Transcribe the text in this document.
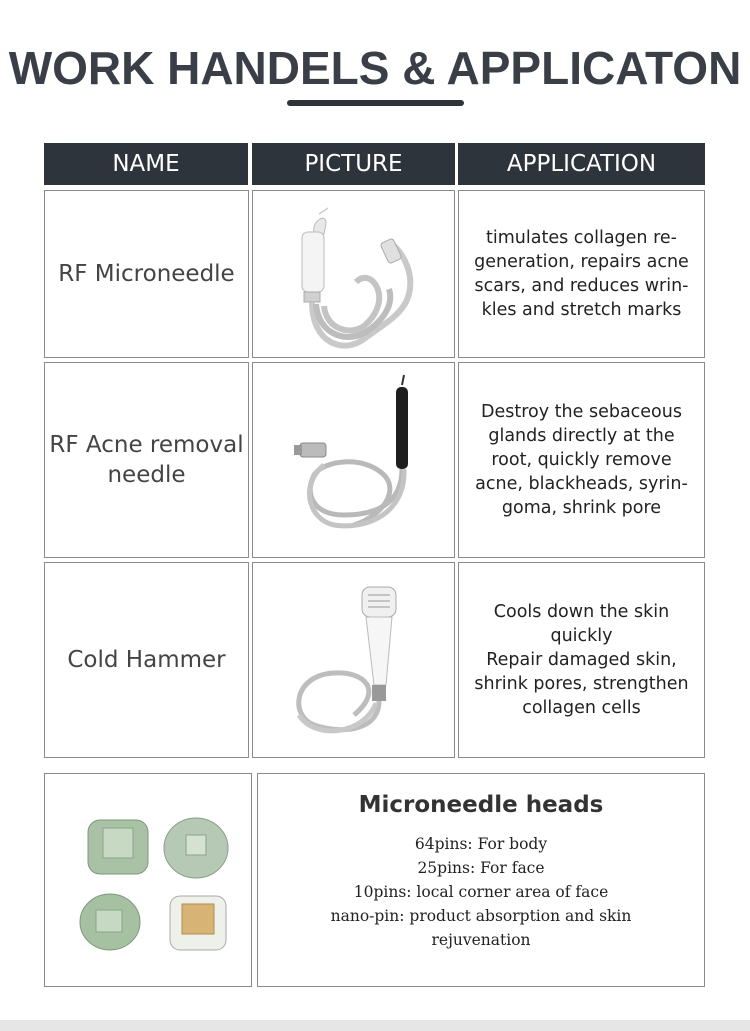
WORK HANDELS & APPLICATON
NAME	PICTURE	APPLICATION
RF Microneedle
timulates collagen re-
generation, repairs acne
scars, and reduces wrin-
kles and stretch marks
RF Acne removal
needle
Destroy the sebaceous
glands directly at the
root, quickly remove
acne, blackheads, syrin-
goma, shrink pore
Cold Hammer
Cools down the skin
quickly
Repair damaged skin,
shrink pores, strengthen
collagen cells
Microneedle heads
64pins: For body
25pins: For face
10pins: local corner area of face
nano-pin: product absorption and skin
rejuvenation
